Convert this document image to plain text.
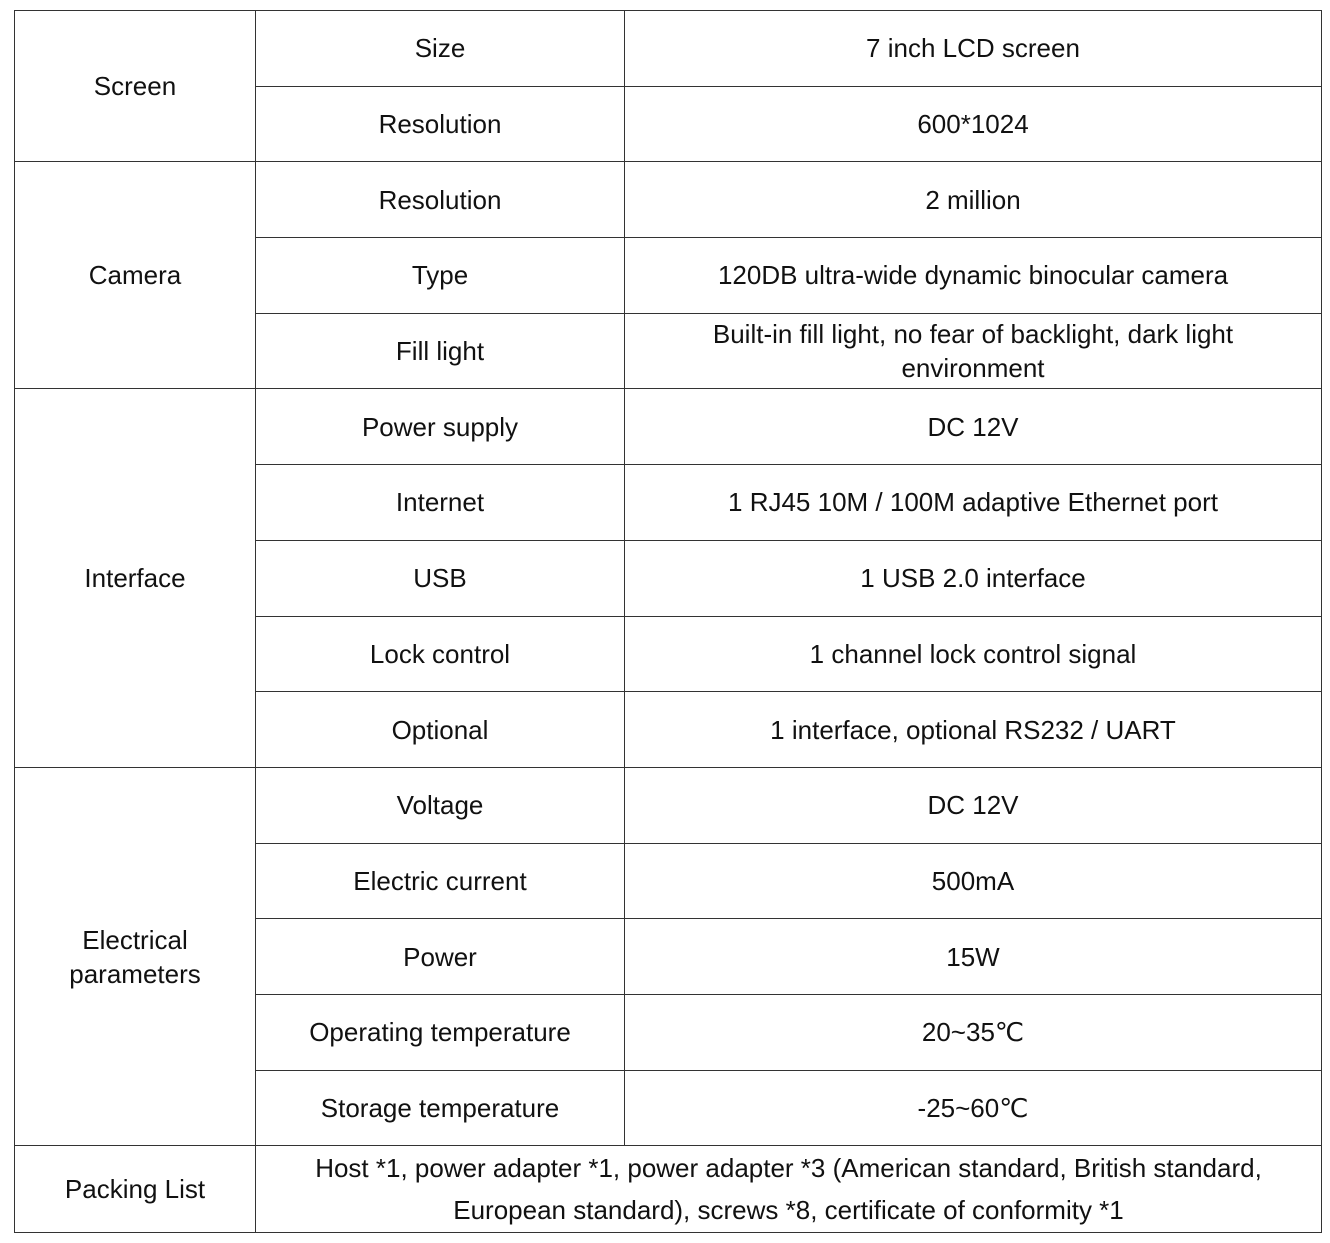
Screen	Size	7 inch LCD screen
	Resolution	600*1024
Camera	Resolution	2 million
	Type	120DB ultra-wide dynamic binocular camera
	Fill light	Built-in fill light, no fear of backlight, dark light environment
Interface	Power supply	DC 12V
	Internet	1 RJ45 10M / 100M adaptive Ethernet port
	USB	1 USB 2.0 interface
	Lock control	1 channel lock control signal
	Optional	1 interface, optional RS232 / UART
Electrical parameters	Voltage	DC 12V
	Electric current	500mA
	Power	15W
	Operating temperature	20~35℃
	Storage temperature	-25~60℃
Packing List	Host *1, power adapter *1, power adapter *3 (American standard, British standard, European standard), screws *8, certificate of conformity *1	
